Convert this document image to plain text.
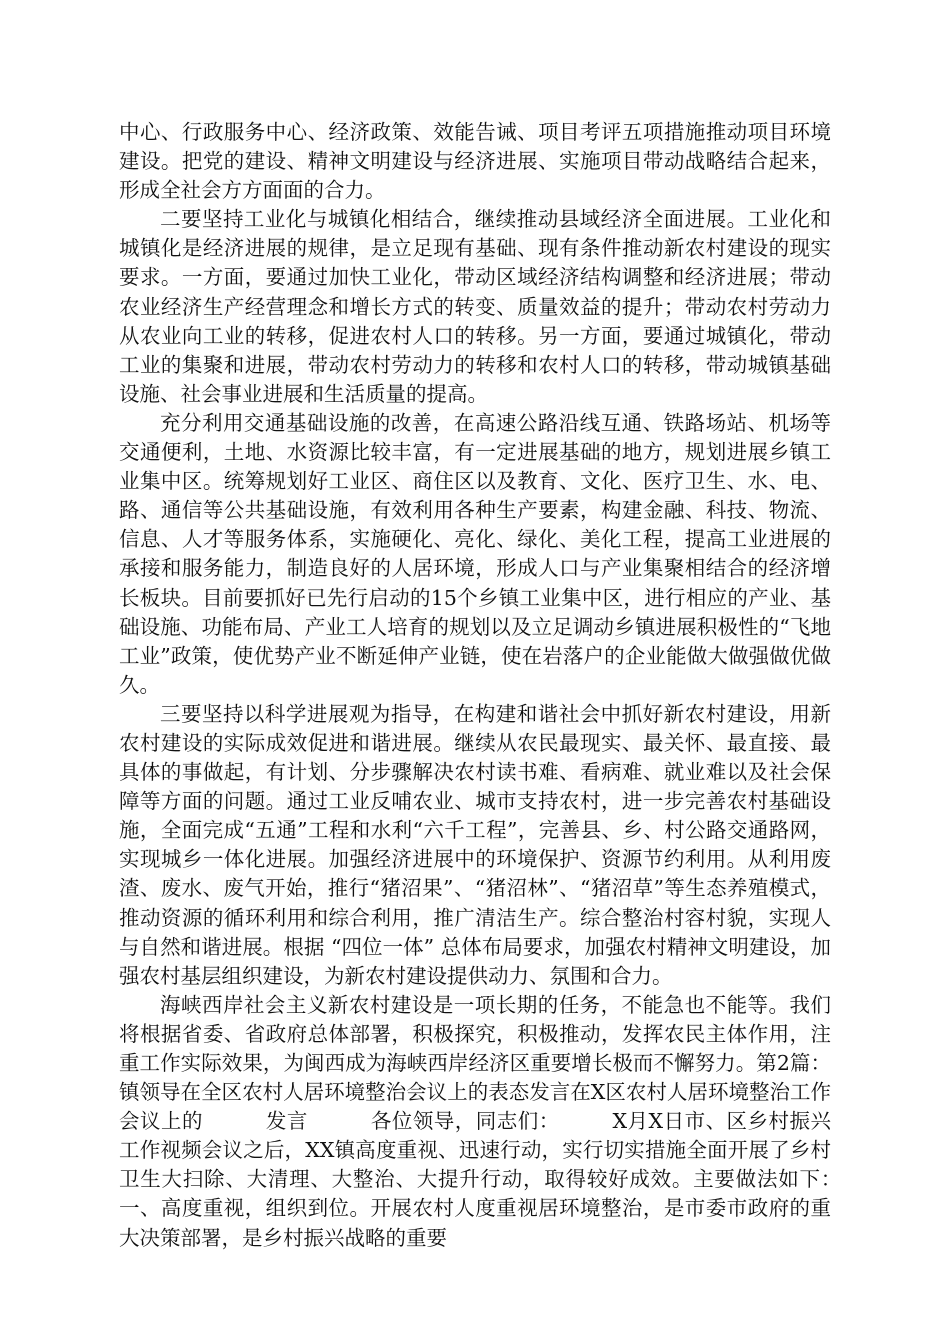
中心、行政服务中心、经济政策、效能告诫、项目考评五项措施推动项目环境建设。把党的建设、精神文明建设与经济进展、实施项目带动战略结合起来，形成全社会方方面面的合力。

二要坚持工业化与城镇化相结合，继续推动县域经济全面进展。工业化和城镇化是经济进展的规律，是立足现有基础、现有条件推动新农村建设的现实要求。一方面，要通过加快工业化，带动区域经济结构调整和经济进展；带动农业经济生产经营理念和增长方式的转变、质量效益的提升；带动农村劳动力从农业向工业的转移，促进农村人口的转移。另一方面，要通过城镇化，带动工业的集聚和进展，带动农村劳动力的转移和农村人口的转移，带动城镇基础设施、社会事业进展和生活质量的提高。

充分利用交通基础设施的改善，在高速公路沿线互通、铁路场站、机场等交通便利，土地、水资源比较丰富，有一定进展基础的地方，规划进展乡镇工业集中区。统筹规划好工业区、商住区以及教育、文化、医疗卫生、水、电、路、通信等公共基础设施，有效利用各种生产要素，构建金融、科技、物流、信息、人才等服务体系，实施硬化、亮化、绿化、美化工程，提高工业进展的承接和服务能力，制造良好的人居环境，形成人口与产业集聚相结合的经济增长板块。目前要抓好已先行启动的15个乡镇工业集中区，进行相应的产业、基础设施、功能布局、产业工人培育的规划以及立足调动乡镇进展积极性的“飞地工业”政策，使优势产业不断延伸产业链，使在岩落户的企业能做大做强做优做久。

三要坚持以科学进展观为指导，在构建和谐社会中抓好新农村建设，用新农村建设的实际成效促进和谐进展。继续从农民最现实、最关怀、最直接、最具体的事做起，有计划、分步骤解决农村读书难、看病难、就业难以及社会保障等方面的问题。通过工业反哺农业、城市支持农村，进一步完善农村基础设施，全面完成“五通”工程和水利“六千工程”，完善县、乡、村公路交通路网，实现城乡一体化进展。加强经济进展中的环境保护、资源节约利用。从利用废渣、废水、废气开始，推行“猪沼果”、“猪沼林”、“猪沼草”等生态养殖模式，推动资源的循环利用和综合利用，推广清洁生产。综合整治村容村貌，实现人与自然和谐进展。根据 “四位一体” 总体布局要求，加强农村精神文明建设，加强农村基层组织建设，为新农村建设提供动力、氛围和合力。

海峡西岸社会主义新农村建设是一项长期的任务，不能急也不能等。我们将根据省委、省政府总体部署，积极探究，积极推动，发挥农民主体作用，注重工作实际效果，为闽西成为海峡西岸经济区重要增长极而不懈努力。第2篇：镇领导在全区农村人居环境整治会议上的表态发言在X区农村人居环境整治工作会议上的　　　发言　　　各位领导，同志们：　　　X月X日市、区乡村振兴工作视频会议之后，XX镇高度重视、迅速行动，实行切实措施全面开展了乡村卫生大扫除、大清理、大整治、大提升行动，取得较好成效。主要做法如下：　　　一、高度重视，组织到位。开展农村人度重视居环境整治，是市委市政府的重大决策部署，是乡村振兴战略的重要
